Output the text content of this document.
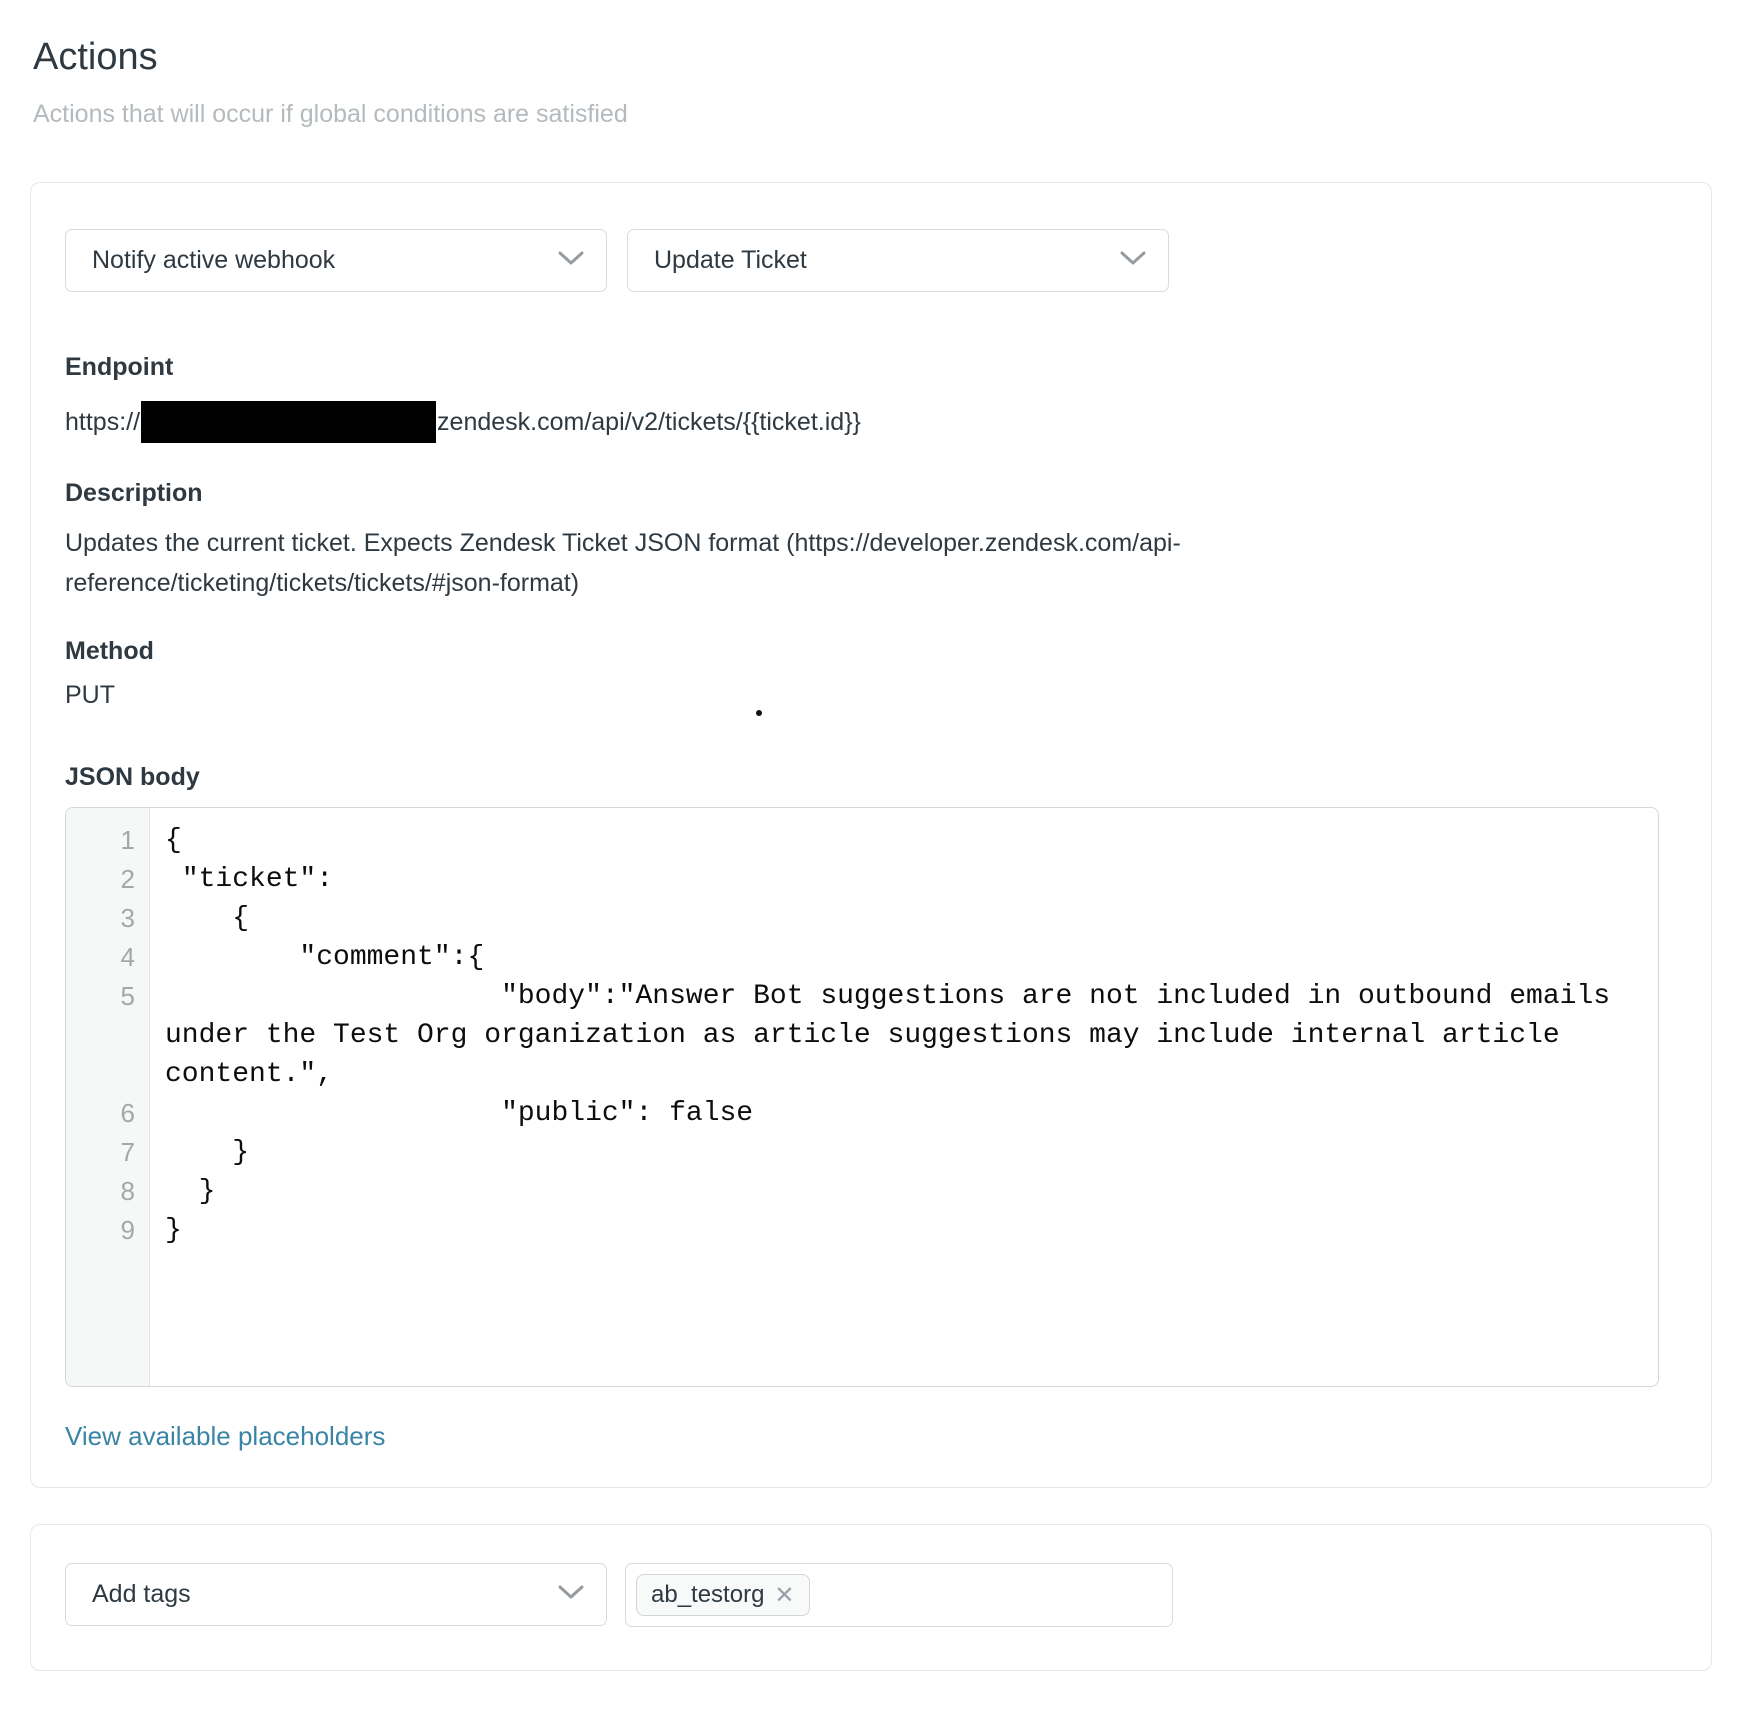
Actions

Actions that will occur if global conditions are satisfied

Notify active webhook	Update Ticket
Endpoint
https://	zendesk.com/api/v2/tickets/{{ticket.id}}
Description
Updates the current ticket. Expects Zendesk Ticket JSON format (https://developer.zendesk.com/api-reference/ticketing/tickets/tickets/#json-format)
Method
PUT
JSON body
1	{
2	"ticket":
3	{
4	"comment":{
5	"body":"Answer Bot suggestions are not included in outbound emails under the Test Org organization as article suggestions may include internal article content.",
6	"public": false
7	}
8	}
9	}
View available placeholders
Add tags	ab_testorg ✕
